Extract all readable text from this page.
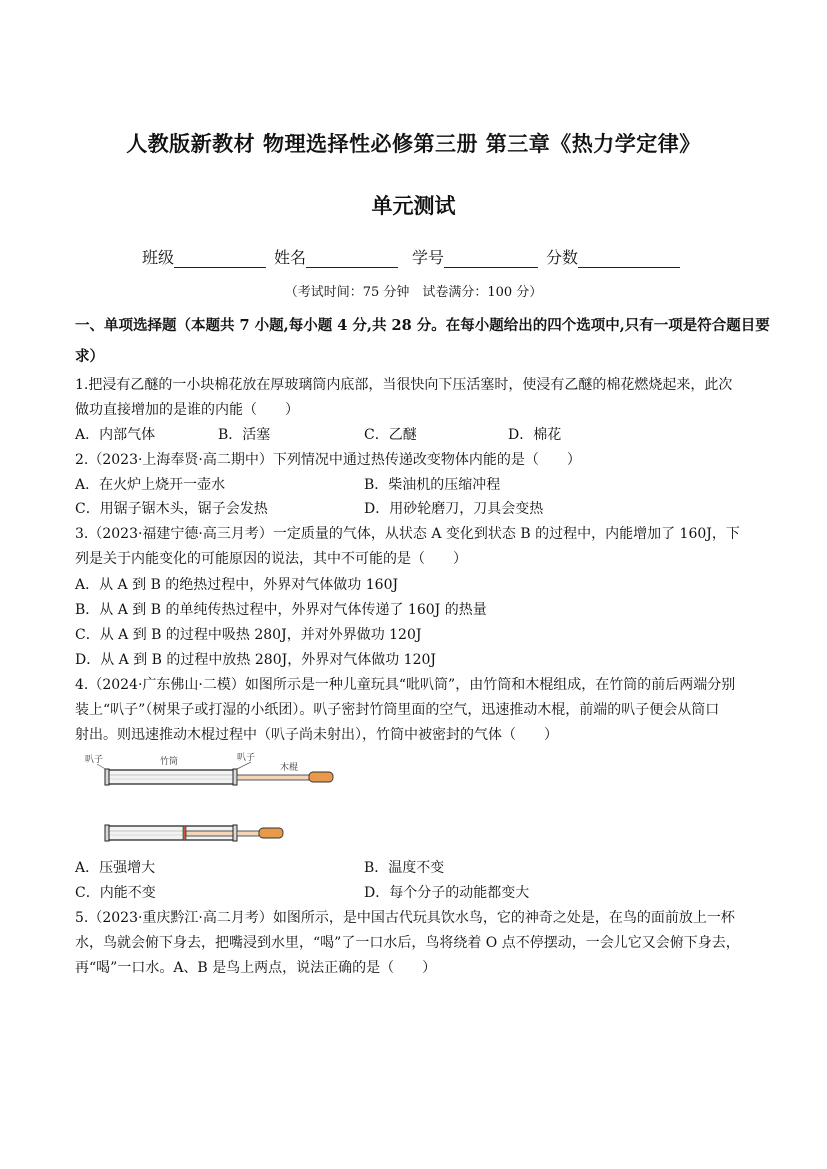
人教版新教材 物理选择性必修第三册 第三章《热力学定律》
单元测试
班级	姓名	学号	分数
（考试时间：75 分钟　试卷满分：100 分）
一、单项选择题（本题共 7 小题,每小题 4 分,共 28 分。在每小题给出的四个选项中,只有一项是符合题目要
求）
1.把浸有乙醚的一小块棉花放在厚玻璃筒内底部，当很快向下压活塞时，使浸有乙醚的棉花燃烧起来，此次
做功直接增加的是谁的内能（　　）
A．内部气体	B．活塞	C．乙醚	D．棉花
2.（2023·上海奉贤·高二期中）下列情况中通过热传递改变物体内能的是（　　）
A．在火炉上烧开一壶水	B．柴油机的压缩冲程
C．用锯子锯木头，锯子会发热	D．用砂轮磨刀，刀具会变热
3.（2023·福建宁德·高三月考）一定质量的气体，从状态 A 变化到状态 B 的过程中，内能增加了 160J，下
列是关于内能变化的可能原因的说法，其中不可能的是（　　）
A．从 A 到 B 的绝热过程中，外界对气体做功 160J
B．从 A 到 B 的单纯传热过程中，外界对气体传递了 160J 的热量
C．从 A 到 B 的过程中吸热 280J，并对外界做功 120J
D．从 A 到 B 的过程中放热 280J，外界对气体做功 120J
4.（2024·广东佛山·二模）如图所示是一种儿童玩具“吡叭筒”，由竹筒和木棍组成，在竹筒的前后两端分别
装上“叭子”（树果子或打湿的小纸团）。叭子密封竹筒里面的空气，迅速推动木棍，前端的叭子便会从筒口
射出。则迅速推动木棍过程中（叭子尚未射出），竹筒中被密封的气体（　　）
叭子	竹筒	叭子
木棍
A．压强增大	B．温度不变
C．内能不变	D．每个分子的动能都变大
5.（2023·重庆黔江·高二月考）如图所示，是中国古代玩具饮水鸟，它的神奇之处是，在鸟的面前放上一杯
水，鸟就会俯下身去，把嘴浸到水里，“喝”了一口水后，鸟将绕着 O 点不停摆动，一会儿它又会俯下身去，
再“喝”一口水。A、B 是鸟上两点，说法正确的是（　　）
